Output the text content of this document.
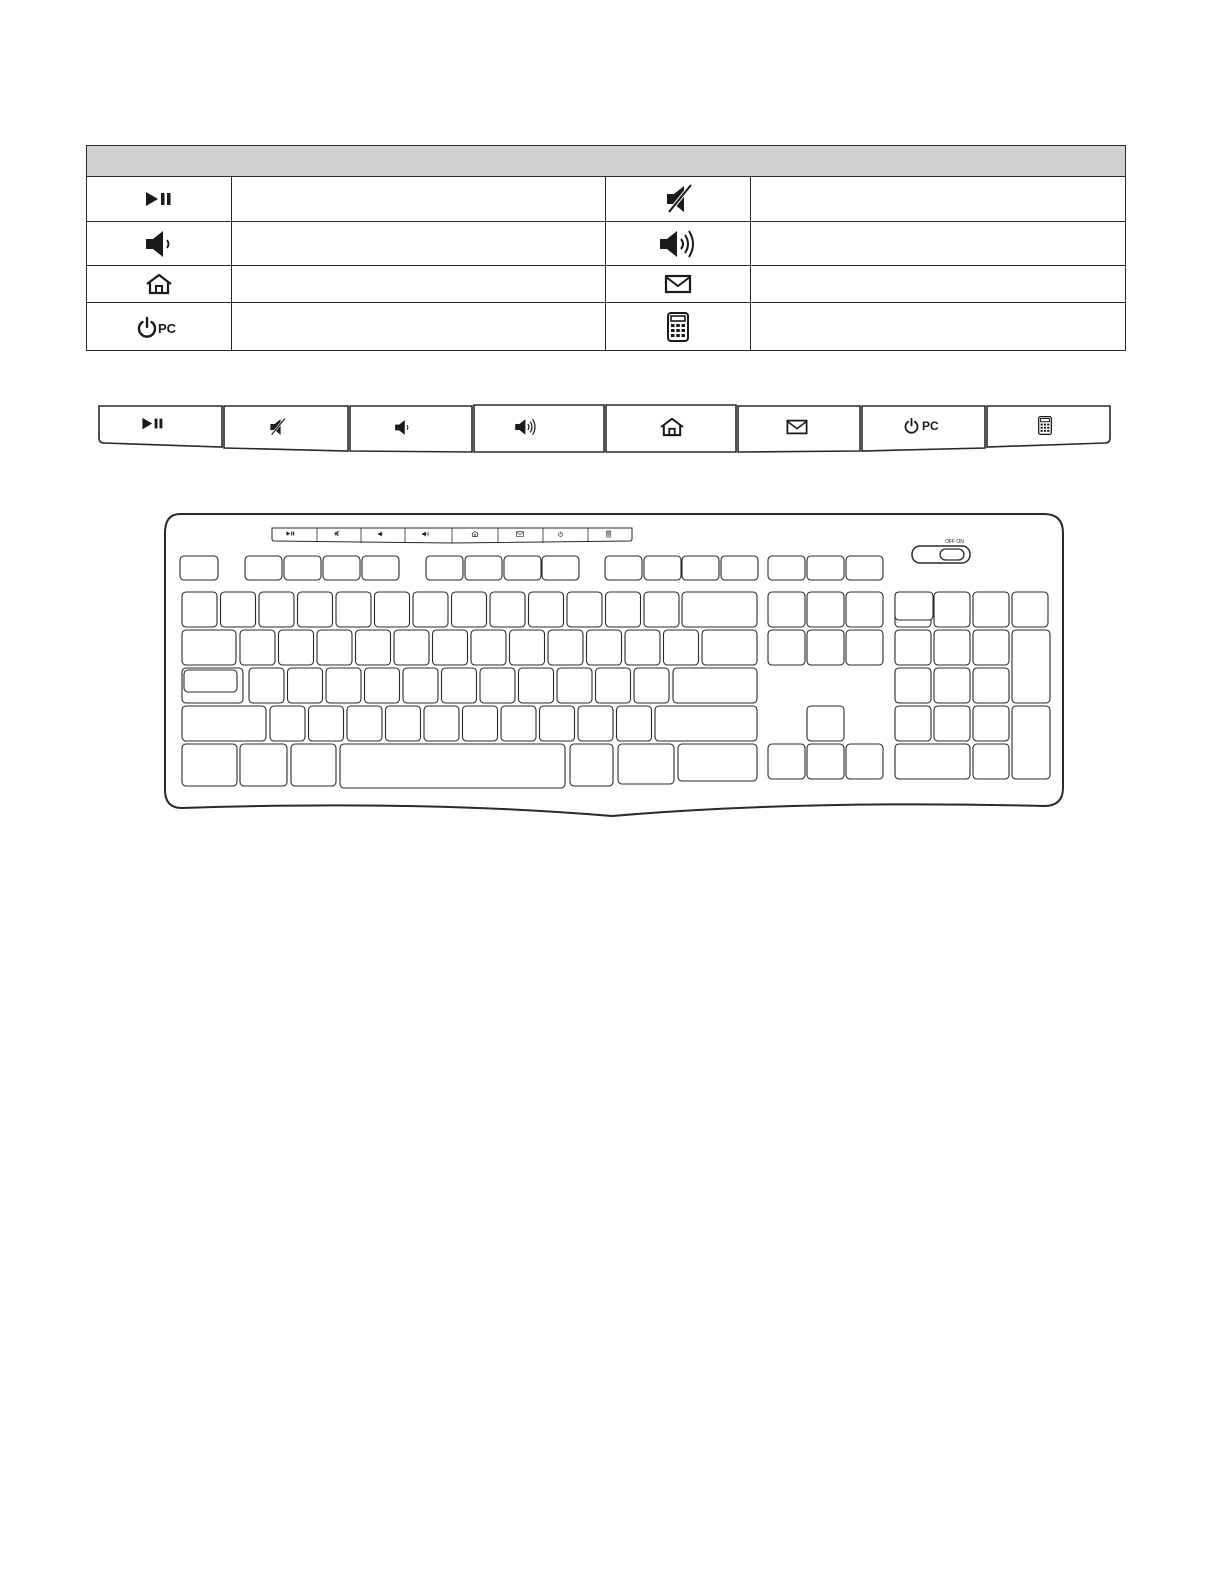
PC

PC
OFF ON
